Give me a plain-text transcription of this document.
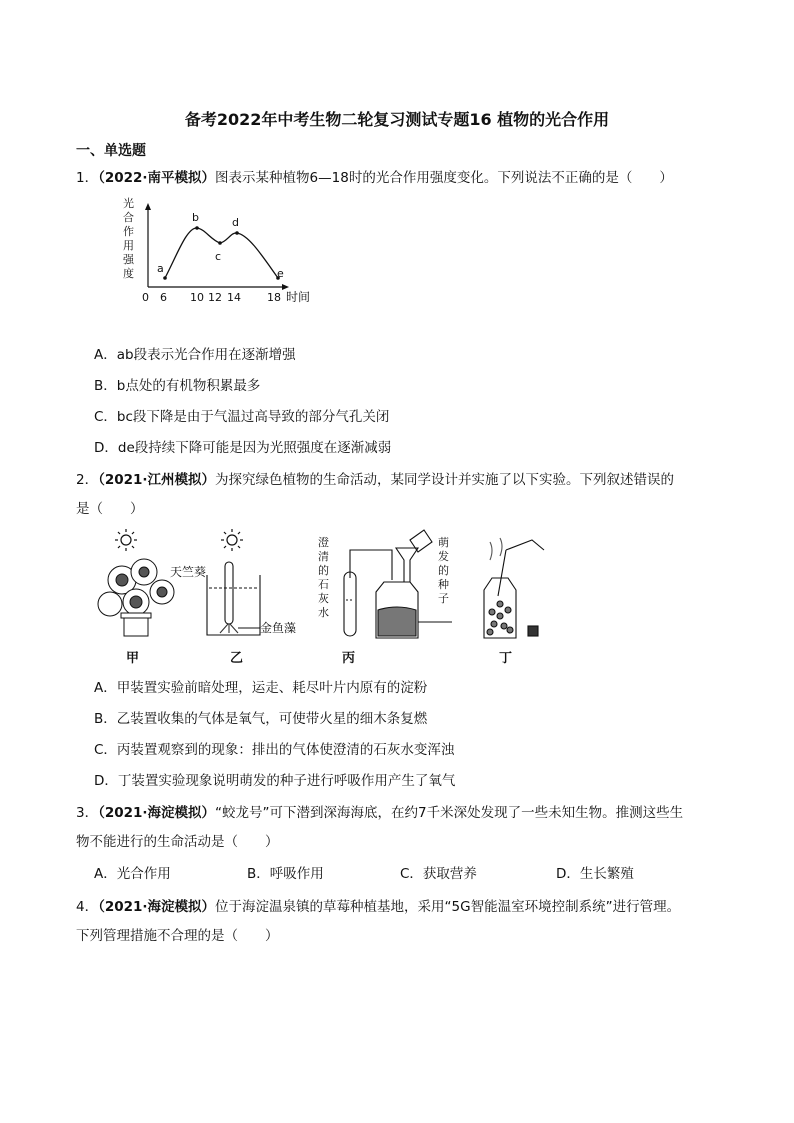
备考2022年中考生物二轮复习测试专题16 植物的光合作用
一、单选题
1．（2022·南平模拟）图表示某种植物6—18时的光合作用强度变化。下列说法不正确的是（　　）
光
合
作
用
强
度 a
b
c
d
e
0 6 10 12 14 18 时间
A．ab段表示光合作用在逐渐增强
B．b点处的有机物积累最多
C．bc段下降是由于气温过高导致的部分气孔关闭
D．de段持续下降可能是因为光照强度在逐渐减弱
2．（2021·江州模拟）为探究绿色植物的生命活动，某同学设计并实施了以下实验。下列叙述错误的
是（　　）
天竺葵
甲
金鱼藻
乙
澄
清
的
石
灰
水
萌
发
的
种
子
丙	丁
A．甲装置实验前暗处理，运走、耗尽叶片内原有的淀粉
B．乙装置收集的气体是氧气，可使带火星的细木条复燃
C．丙装置观察到的现象：排出的气体使澄清的石灰水变浑浊
D．丁装置实验现象说明萌发的种子进行呼吸作用产生了氧气
3．（2021·海淀模拟）“蛟龙号”可下潜到深海海底，在约7千米深处发现了一些未知生物。推测这些生
物不能进行的生命活动是（　　）
A．光合作用	B．呼吸作用	C．获取营养	D．生长繁殖
4．（2021·海淀模拟）位于海淀温泉镇的草莓种植基地，采用“5G智能温室环境控制系统”进行管理。
下列管理措施不合理的是（　　）
